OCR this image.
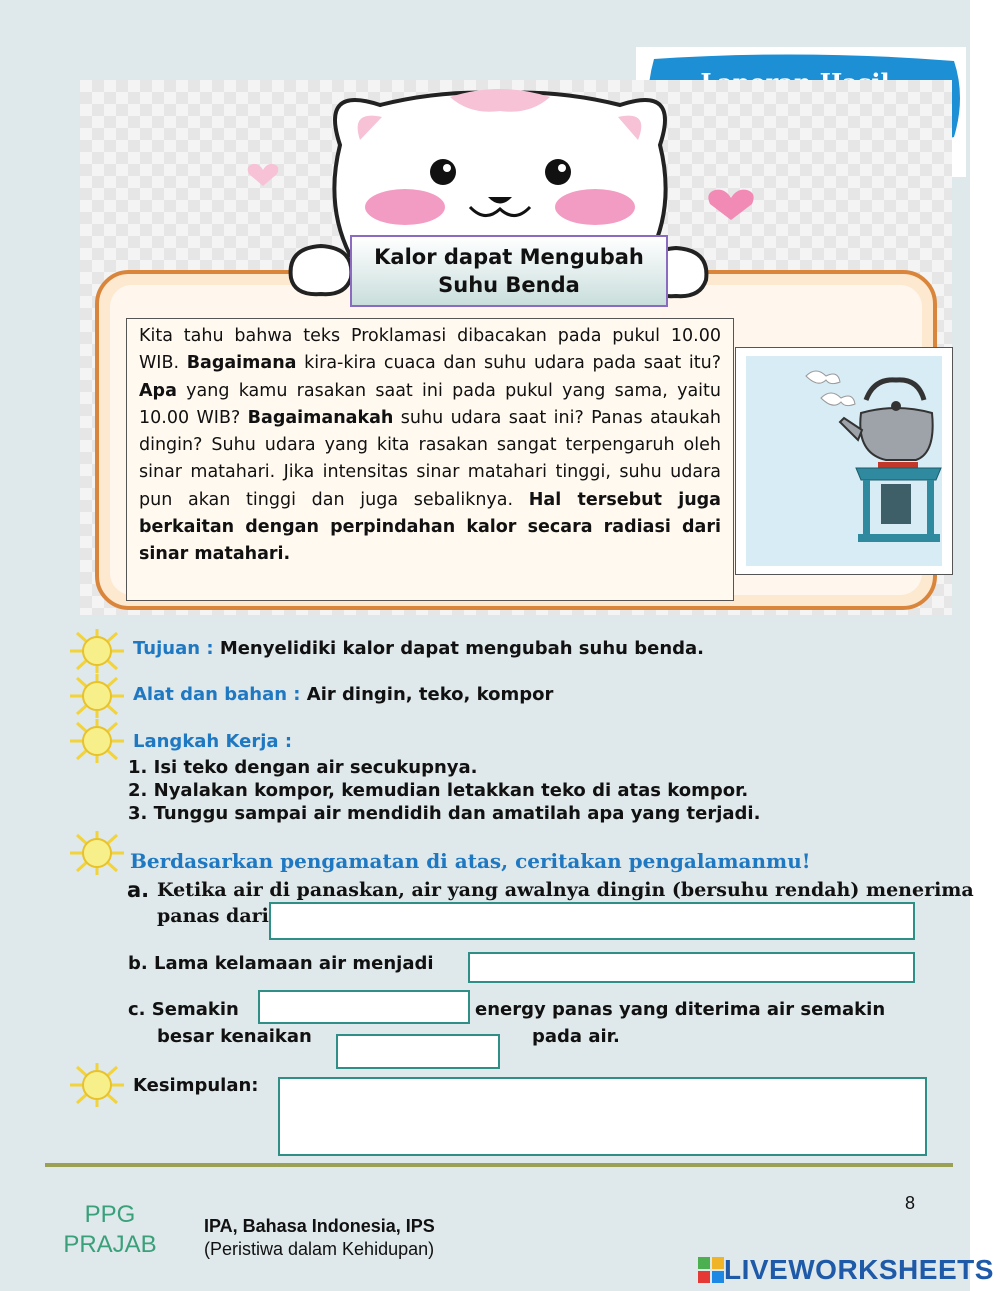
Kalor dapat Mengubah
Suhu Benda
Kita tahu bahwa teks Proklamasi dibacakan pada pukul 10.00 WIB. Bagaimana kira-kira cuaca dan suhu udara pada saat itu? Apa yang kamu rasakan saat ini pada pukul yang sama, yaitu 10.00 WIB? Bagaimanakah suhu udara saat ini? Panas ataukah dingin? Suhu udara yang kita rasakan sangat terpengaruh oleh sinar matahari. Jika intensitas sinar matahari tinggi, suhu udara pun akan tinggi dan juga sebaliknya. Hal tersebut juga berkaitan dengan perpindahan kalor secara radiasi dari sinar matahari.
Tujuan : Menyelidiki kalor dapat mengubah suhu benda.
Alat dan bahan : Air dingin, teko, kompor
Langkah Kerja :
1. Isi teko dengan air secukupnya.
2. Nyalakan kompor, kemudian letakkan teko di atas kompor.
3. Tunggu sampai air mendidih dan amatilah apa yang terjadi.
Berdasarkan pengamatan di atas, ceritakan pengalamanmu!
a. Ketika air di panaskan, air yang awalnya dingin (bersuhu rendah) menerima
panas dari
b. Lama kelamaan air menjadi
c. Semakin	energy panas yang diterima air semakin
besar kenaikan	pada air.
Kesimpulan:
PPG
PRAJAB
IPA, Bahasa Indonesia, IPS
(Peristiwa dalam Kehidupan)
8
LIVEWORKSHEETS
